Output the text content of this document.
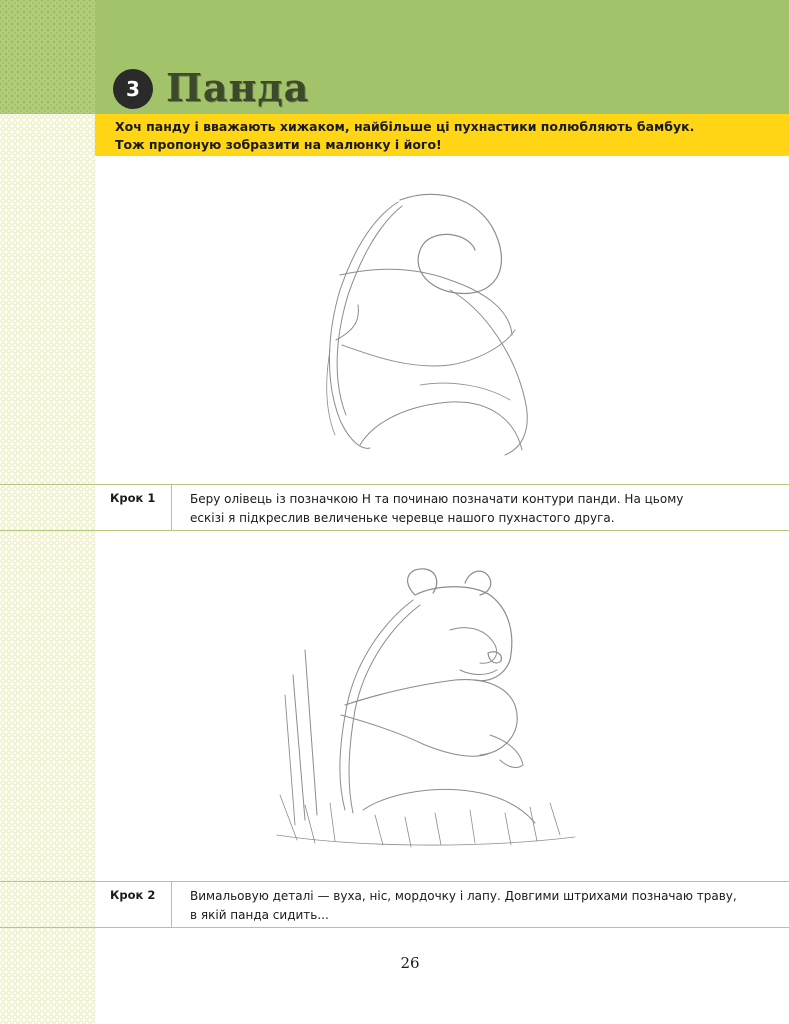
3 Панда
Хоч панду і вважають хижаком, найбільше ці пухнастики полюбляють бамбук.
Тож пропоную зобразити на малюнку і його!
Крок 1	Беру олівець із позначкою Н та починаю позначати контури панди. На цьому
ескізі я підкреслив величеньке черевце нашого пухнастого друга.
Крок 2	Вимальовую деталі — вуха, ніс, мордочку і лапу. Довгими штрихами позначаю траву,
в якій панда сидить...
26
